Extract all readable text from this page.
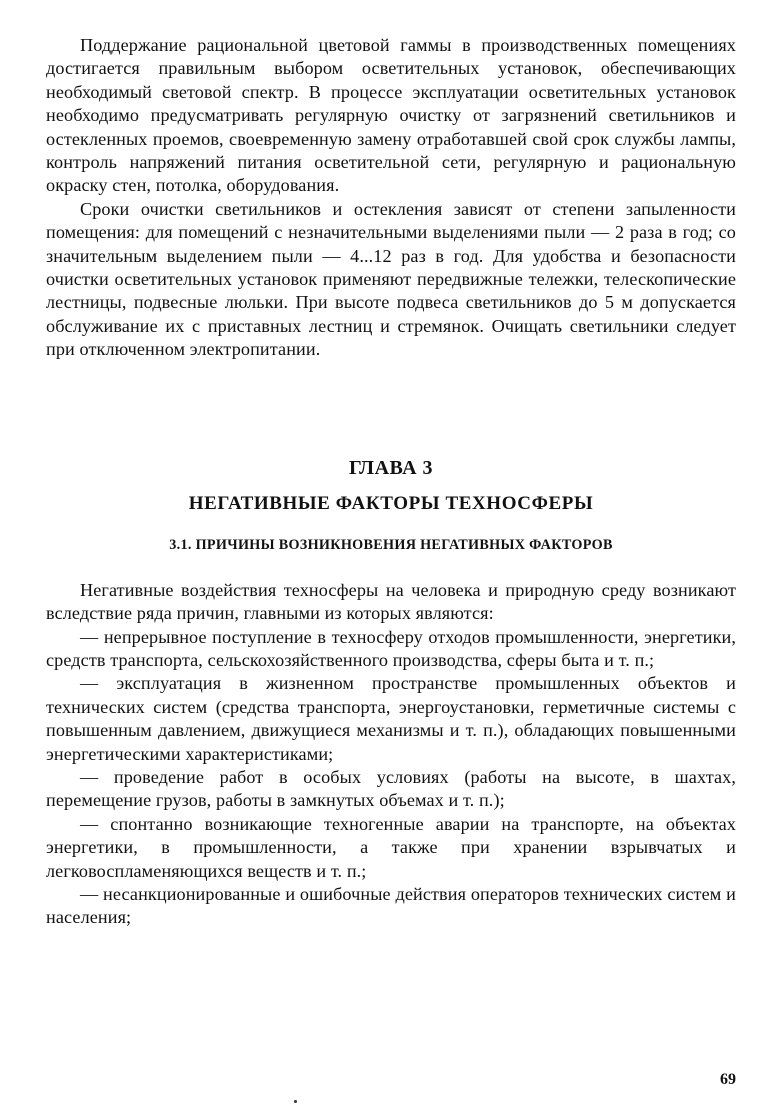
Поддержание рациональной цветовой гаммы в производственных помещениях достигается правильным выбором осветительных установок, обеспечивающих необходимый световой спектр. В процессе эксплуатации осветительных установок необходимо предусматривать регулярную очистку от загрязнений светильников и остекленных проемов, своевременную замену отработавшей свой срок службы лампы, контроль напряжений питания осветительной сети, регулярную и рациональную окраску стен, потолка, оборудования.

Сроки очистки светильников и остекления зависят от степени запыленности помещения: для помещений с незначительными выделениями пыли — 2 раза в год; со значительным выделением пыли — 4...12 раз в год. Для удобства и безопасности очистки осветительных установок применяют передвижные тележки, телескопические лестницы, подвесные люльки. При высоте подвеса светильников до 5 м допускается обслуживание их с приставных лестниц и стремянок. Очищать светильники следует при отключенном электропитании.

ГЛАВА 3
НЕГАТИВНЫЕ ФАКТОРЫ ТЕХНОСФЕРЫ
3.1. ПРИЧИНЫ ВОЗНИКНОВЕНИЯ НЕГАТИВНЫХ ФАКТОРОВ

Негативные воздействия техносферы на человека и природную среду возникают вследствие ряда причин, главными из которых являются:

— непрерывное поступление в техносферу отходов промышленности, энергетики, средств транспорта, сельскохозяйственного производства, сферы быта и т. п.;

— эксплуатация в жизненном пространстве промышленных объектов и технических систем (средства транспорта, энергоустановки, герметичные системы с повышенным давлением, движущиеся механизмы и т. п.), обладающих повышенными энергетическими характеристиками;

— проведение работ в особых условиях (работы на высоте, в шахтах, перемещение грузов, работы в замкнутых объемах и т. п.);

— спонтанно возникающие техногенные аварии на транспорте, на объектах энергетики, в промышленности, а также при хранении взрывчатых и легковоспламеняющихся веществ и т. п.;

— несанкционированные и ошибочные действия операторов технических систем и населения;

69
